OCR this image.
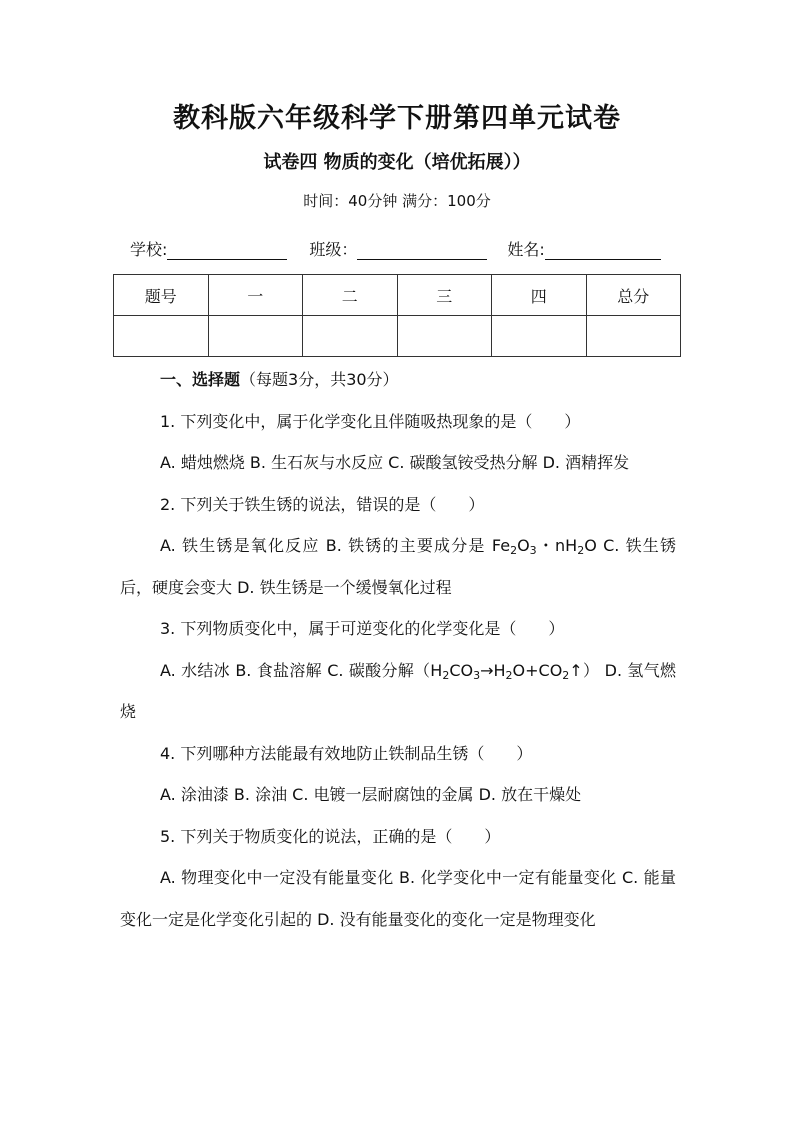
教科版六年级科学下册第四单元试卷
试卷四 物质的变化（培优拓展））
时间：40分钟 满分：100分
学校:	班级：	姓名:
题号	一	二	三	四	总分

一、选择题（每题3分，共30分）

1. 下列变化中，属于化学变化且伴随吸热现象的是（　　）

A. 蜡烛燃烧 B. 生石灰与水反应 C. 碳酸氢铵受热分解 D. 酒精挥发

2. 下列关于铁生锈的说法，错误的是（　　）

A. 铁生锈是氧化反应 B. 铁锈的主要成分是 $Fe_2O_3$・$nH_2O$ C. 铁生锈后，硬度会变大 D. 铁生锈是一个缓慢氧化过程

3. 下列物质变化中，属于可逆变化的化学变化是（　　）

A. 水结冰 B. 食盐溶解 C. 碳酸分解$(H_2CO_3\to H_2O+CO_2↑)$ D. 氢气燃烧

4. 下列哪种方法能最有效地防止铁制品生锈（　　）

A. 涂油漆 B. 涂油 C. 电镀一层耐腐蚀的金属 D. 放在干燥处

5. 下列关于物质变化的说法，正确的是（　　）

A. 物理变化中一定没有能量变化 B. 化学变化中一定有能量变化 C. 能量变化一定是化学变化引起的 D. 没有能量变化的变化一定是物理变化
